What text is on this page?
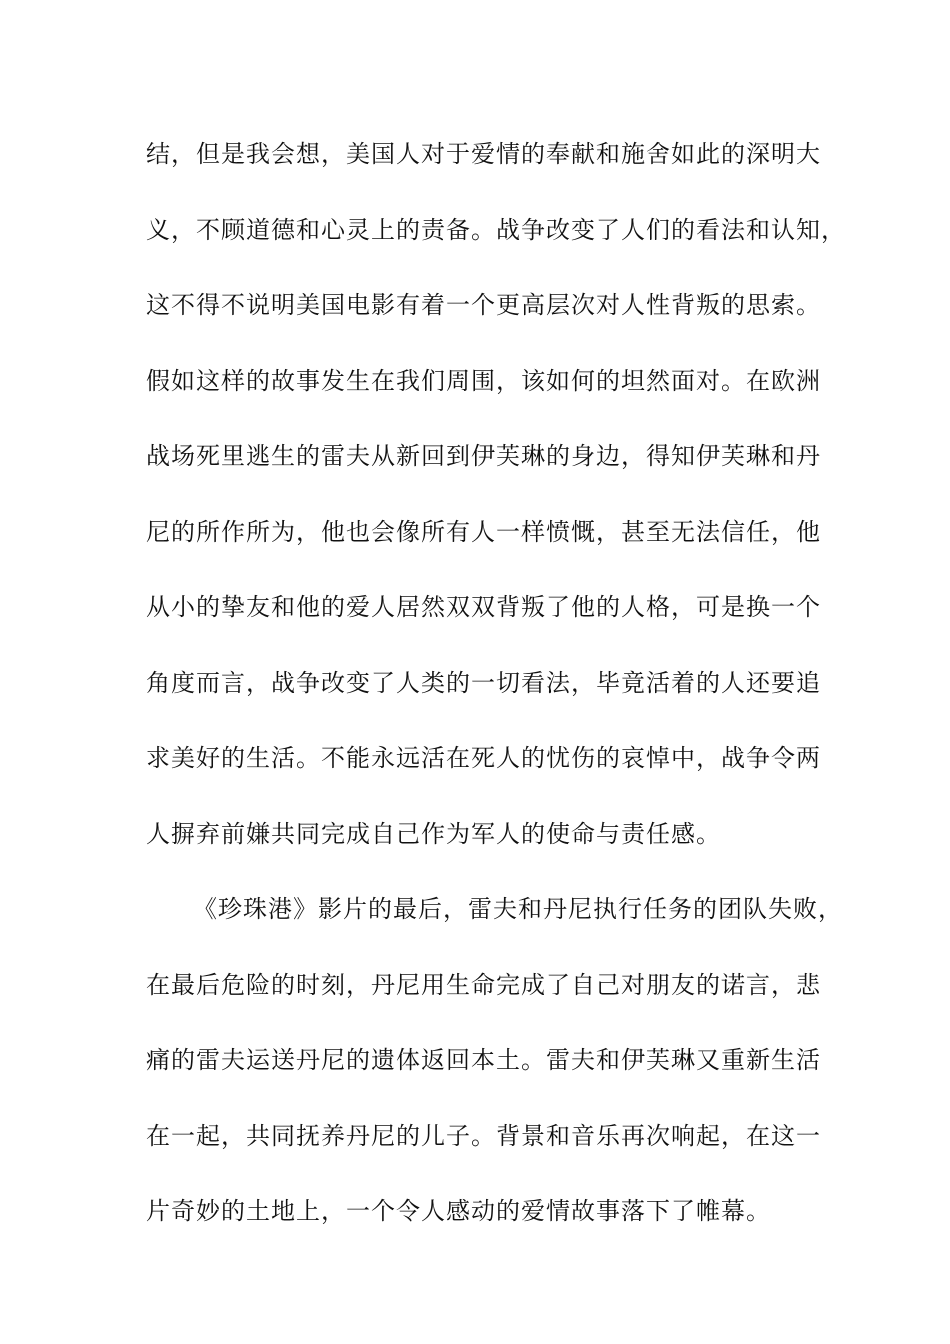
结，但是我会想，美国人对于爱情的奉献和施舍如此的深明大
义，不顾道德和心灵上的责备。战争改变了人们的看法和认知，
这不得不说明美国电影有着一个更高层次对人性背叛的思索。
假如这样的故事发生在我们周围，该如何的坦然面对。在欧洲
战场死里逃生的雷夫从新回到伊芙琳的身边，得知伊芙琳和丹
尼的所作所为，他也会像所有人一样愤慨，甚至无法信任，他
从小的挚友和他的爱人居然双双背叛了他的人格，可是换一个
角度而言，战争改变了人类的一切看法，毕竟活着的人还要追
求美好的生活。不能永远活在死人的忧伤的哀悼中，战争令两
人摒弃前嫌共同完成自己作为军人的使命与责任感。
《珍珠港》影片的最后，雷夫和丹尼执行任务的团队失败，
在最后危险的时刻，丹尼用生命完成了自己对朋友的诺言，悲
痛的雷夫运送丹尼的遗体返回本土。雷夫和伊芙琳又重新生活
在一起，共同抚养丹尼的儿子。背景和音乐再次响起，在这一
片奇妙的土地上，一个令人感动的爱情故事落下了帷幕。
